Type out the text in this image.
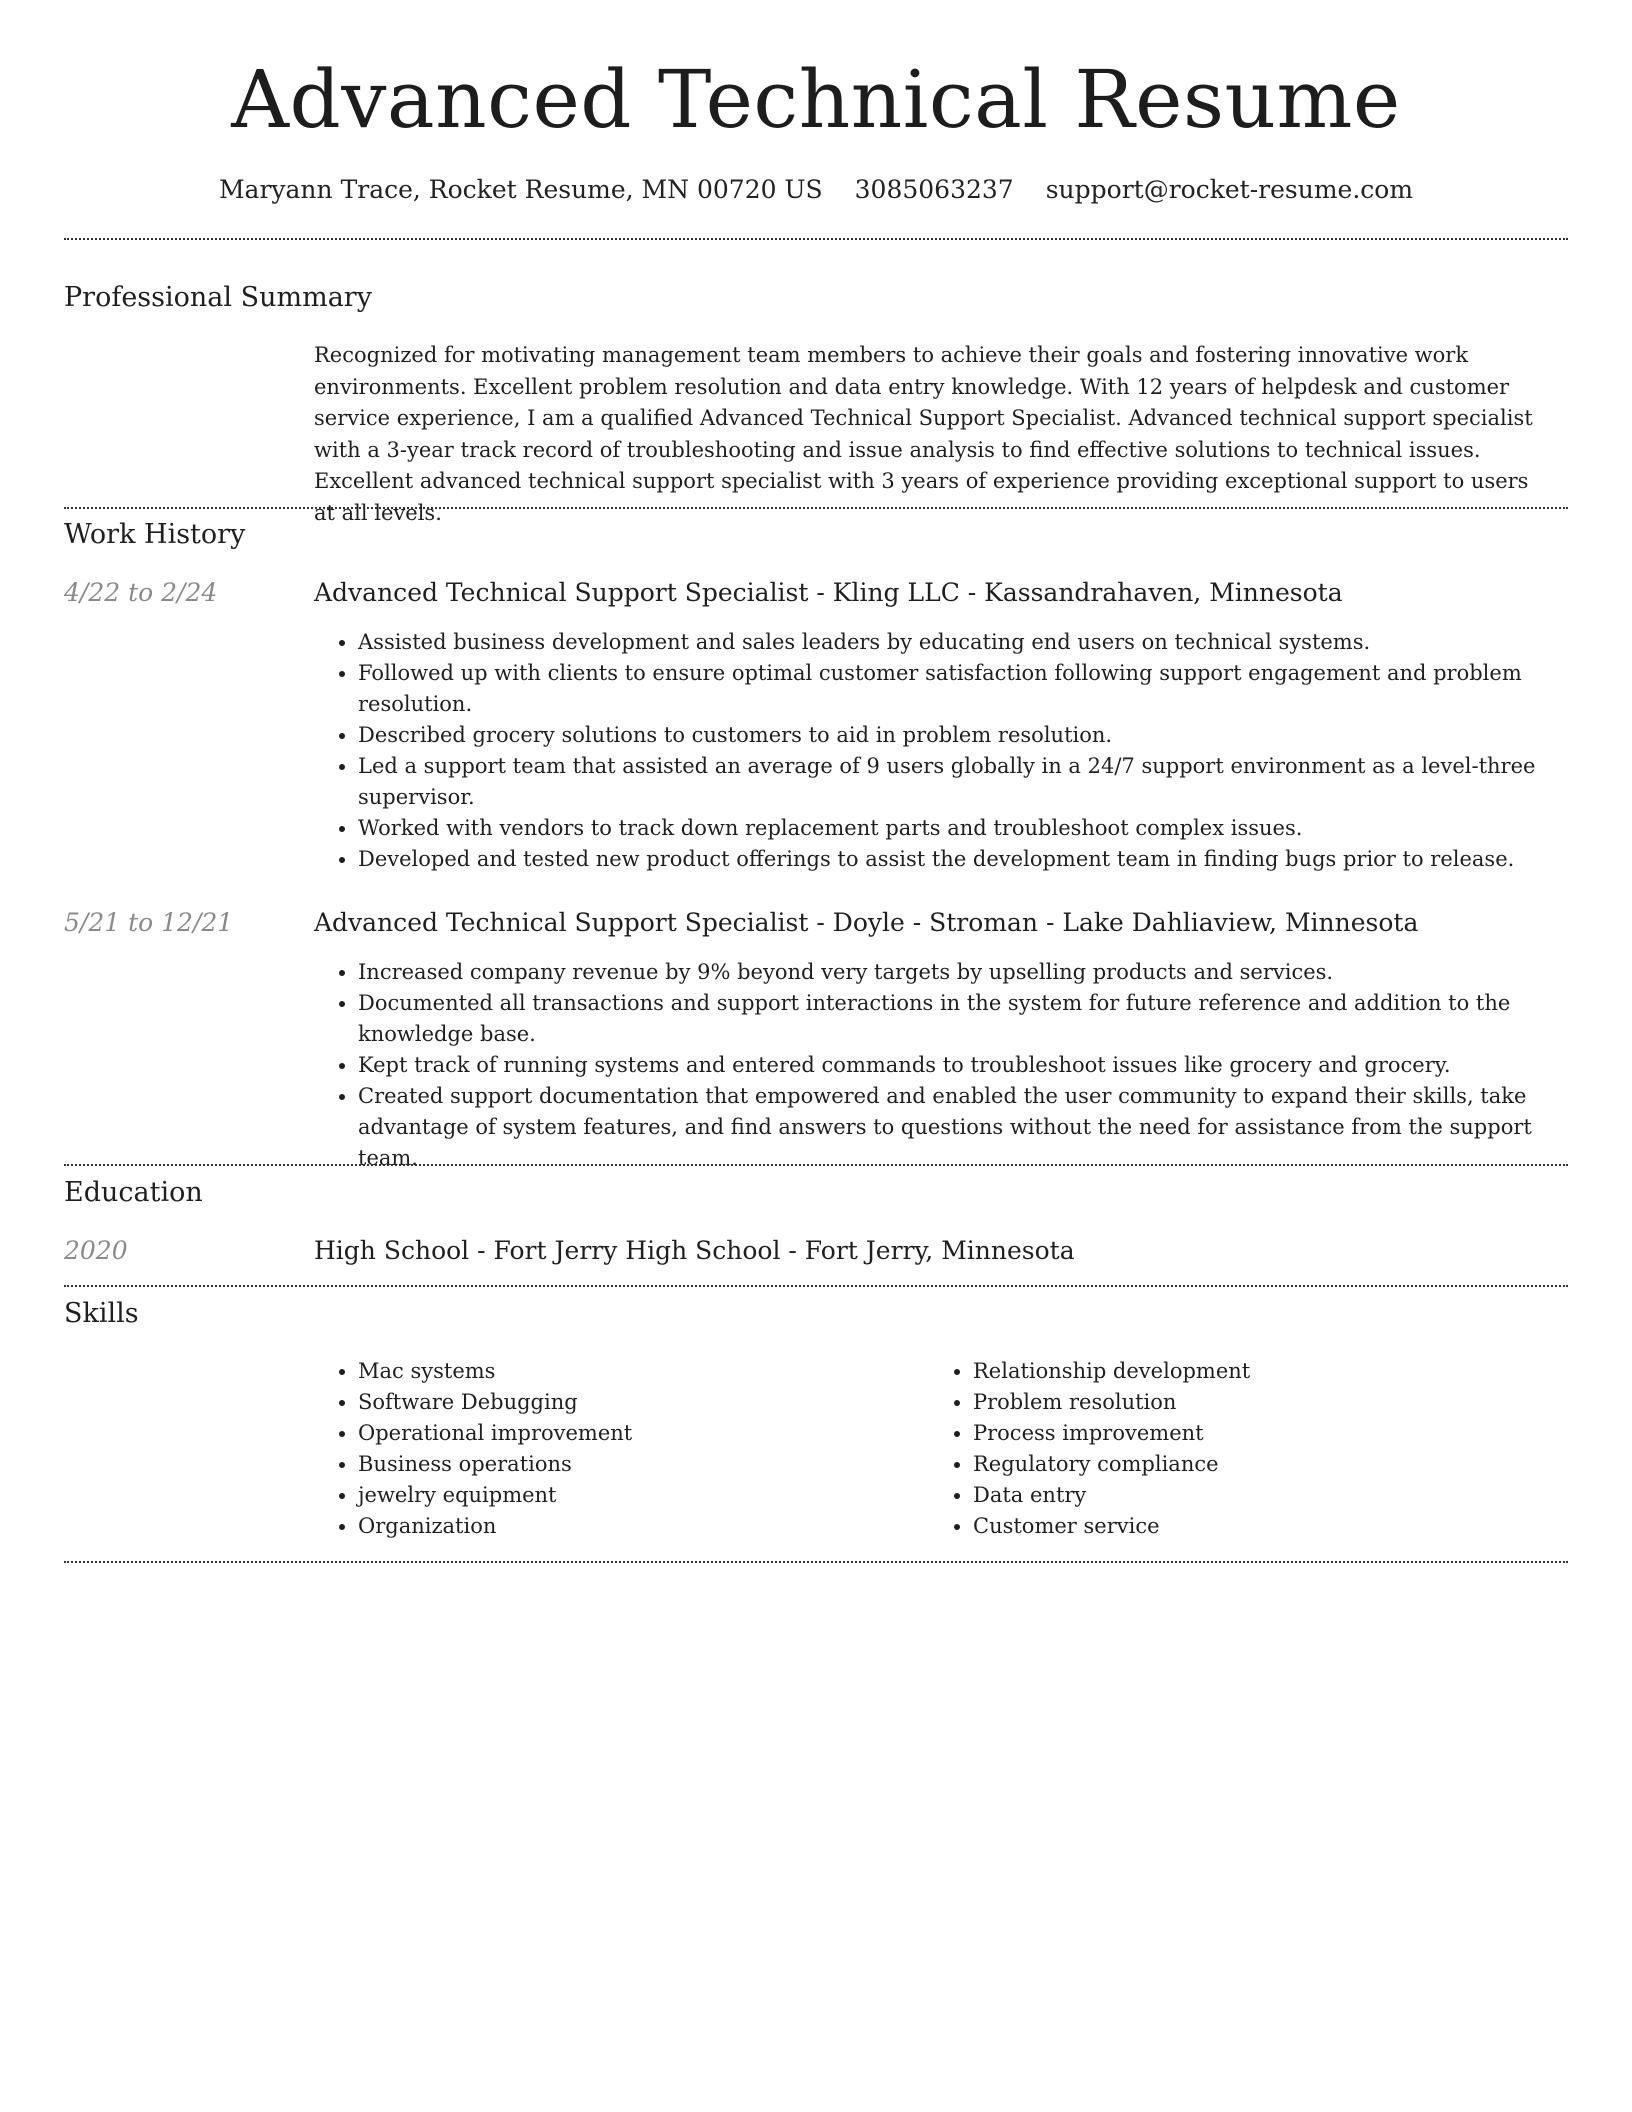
Advanced Technical Resume
Maryann Trace, Rocket Resume, MN 00720 US 3085063237 support@rocket-resume.com
Professional Summary

Recognized for motivating management team members to achieve their goals and fostering innovative work environments. Excellent problem resolution and data entry knowledge. With 12 years of helpdesk and customer service experience, I am a qualified Advanced Technical Support Specialist. Advanced technical support specialist with a 3-year track record of troubleshooting and issue analysis to find effective solutions to technical issues. Excellent advanced technical support specialist with 3 years of experience providing exceptional support to users at all levels.

Work History
4/22 to 2/24	Advanced Technical Support Specialist - Kling LLC - Kassandrahaven, Minnesota
• Assisted business development and sales leaders by educating end users on technical systems.
• Followed up with clients to ensure optimal customer satisfaction following support engagement and problem resolution.
• Described grocery solutions to customers to aid in problem resolution.
• Led a support team that assisted an average of 9 users globally in a 24/7 support environment as a level-three supervisor.
• Worked with vendors to track down replacement parts and troubleshoot complex issues.
• Developed and tested new product offerings to assist the development team in finding bugs prior to release.
5/21 to 12/21	Advanced Technical Support Specialist - Doyle - Stroman - Lake Dahliaview, Minnesota
• Increased company revenue by 9% beyond very targets by upselling products and services.
• Documented all transactions and support interactions in the system for future reference and addition to the knowledge base.
• Kept track of running systems and entered commands to troubleshoot issues like grocery and grocery.
• Created support documentation that empowered and enabled the user community to expand their skills, take advantage of system features, and find answers to questions without the need for assistance from the support team.
Education
2020	High School - Fort Jerry High School - Fort Jerry, Minnesota
Skills
• Mac systems
• Software Debugging
• Operational improvement
• Business operations
• jewelry equipment
• Organization
• Relationship development
• Problem resolution
• Process improvement
• Regulatory compliance
• Data entry
• Customer service
